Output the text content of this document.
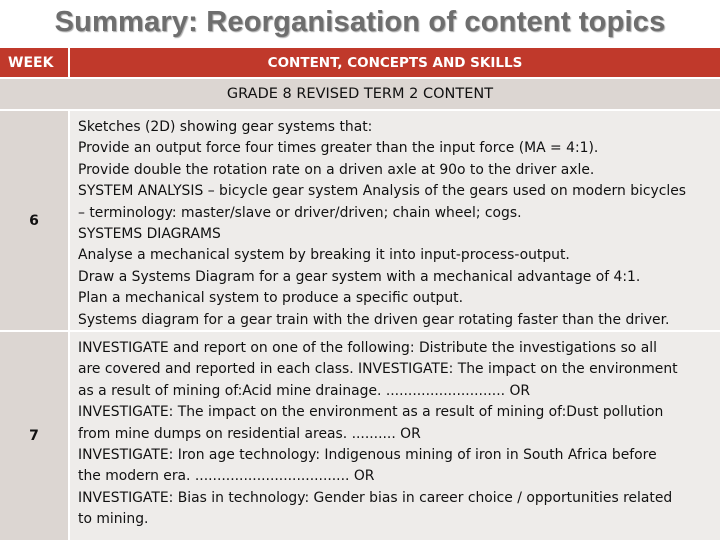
Summary: Reorganisation of content topics
WEEK	CONTENT, CONCEPTS AND SKILLS
GRADE 8 REVISED TERM 2 CONTENT
6
Sketches (2D) showing gear systems that:
Provide an output force four times greater than the input force (MA = 4:1).
Provide double the rotation rate on a driven axle at 90o to the driver axle.
SYSTEM ANALYSIS – bicycle gear system Analysis of the gears used on modern bicycles
– terminology: master/slave or driver/driven; chain wheel; cogs.
SYSTEMS DIAGRAMS
Analyse a mechanical system by breaking it into input-process-output.
Draw a Systems Diagram for a gear system with a mechanical advantage of 4:1.
Plan a mechanical system to produce a specific output.
Systems diagram for a gear train with the driven gear rotating faster than the driver.
7
INVESTIGATE and report on one of the following: Distribute the investigations so all
are covered and reported in each class. INVESTIGATE: The impact on the environment
as a result of mining of:Acid mine drainage. ........................... OR
INVESTIGATE: The impact on the environment as a result of mining of:Dust pollution
from mine dumps on residential areas. .......... OR
INVESTIGATE: Iron age technology: Indigenous mining of iron in South Africa before
the modern era. ................................... OR
INVESTIGATE: Bias in technology: Gender bias in career choice / opportunities related
to mining.
